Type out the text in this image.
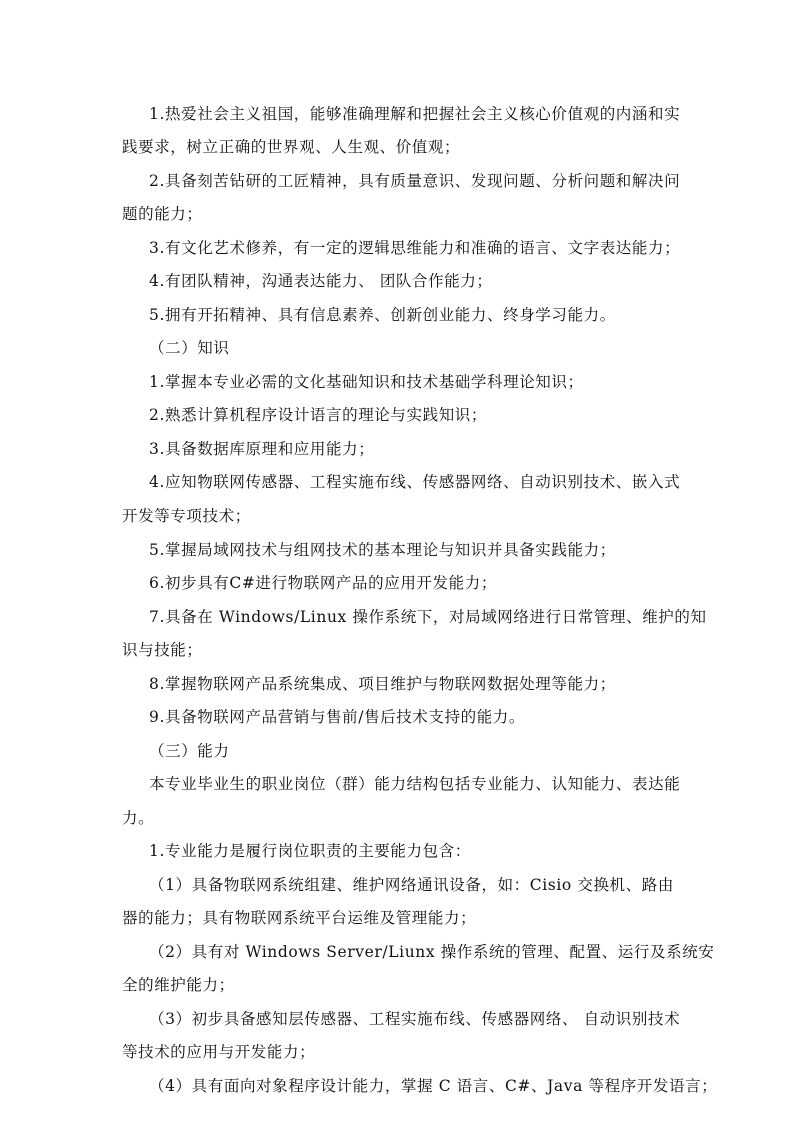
1.热爱社会主义祖国，能够准确理解和把握社会主义核心价值观的内涵和实
践要求，树立正确的世界观、人生观、价值观；
2.具备刻苦钻研的工匠精神，具有质量意识、发现问题、分析问题和解决问
题的能力；
3.有文化艺术修养，有一定的逻辑思维能力和准确的语言、文字表达能力；
4.有团队精神，沟通表达能力、 团队合作能力；
5.拥有开拓精神、具有信息素养、创新创业能力、终身学习能力。
（二）知识
1.掌握本专业必需的文化基础知识和技术基础学科理论知识；
2.熟悉计算机程序设计语言的理论与实践知识；
3.具备数据库原理和应用能力；
4.应知物联网传感器、工程实施布线、传感器网络、自动识别技术、嵌入式
开发等专项技术；
5.掌握局域网技术与组网技术的基本理论与知识并具备实践能力；
6.初步具有C#进行物联网产品的应用开发能力；
7.具备在 Windows/Linux 操作系统下，对局域网络进行日常管理、维护的知
识与技能；
8.掌握物联网产品系统集成、项目维护与物联网数据处理等能力；
9.具备物联网产品营销与售前/售后技术支持的能力。
（三）能力
本专业毕业生的职业岗位（群）能力结构包括专业能力、认知能力、表达能
力。
1.专业能力是履行岗位职责的主要能力包含：
（1）具备物联网系统组建、维护网络通讯设备，如：Cisio 交换机、路由
器的能力；具有物联网系统平台运维及管理能力；
（2）具有对 Windows Server/Liunx 操作系统的管理、配置、运行及系统安
全的维护能力；
（3）初步具备感知层传感器、工程实施布线、传感器网络、 自动识别技术
等技术的应用与开发能力；
（4）具有面向对象程序设计能力，掌握 C 语言、C#、Java 等程序开发语言；
